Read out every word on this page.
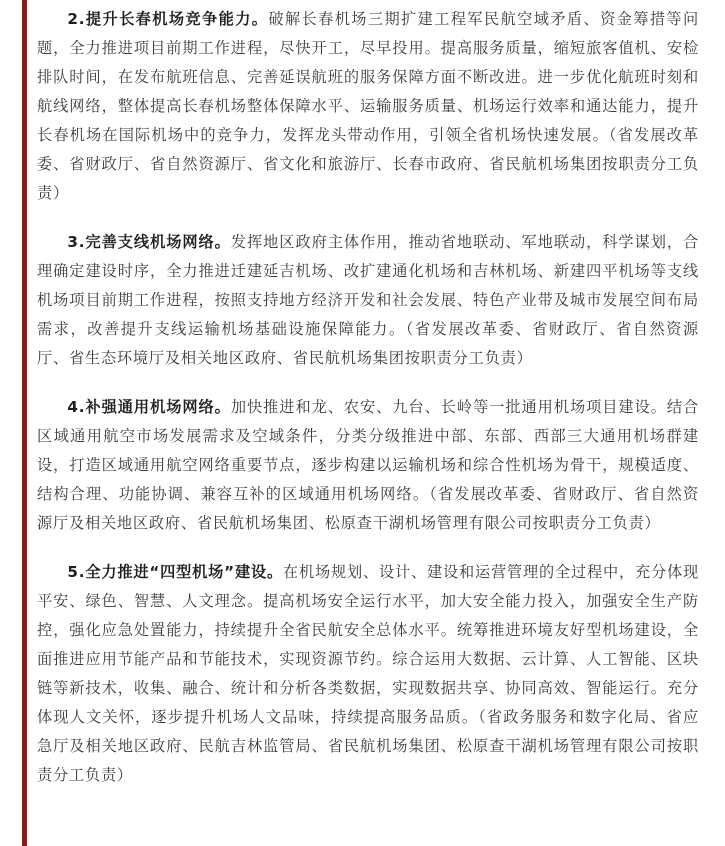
2.提升长春机场竞争能力。破解长春机场三期扩建工程军民航空域矛盾、资金筹措等问题，全力推进项目前期工作进程，尽快开工，尽早投用。提高服务质量，缩短旅客值机、安检排队时间，在发布航班信息、完善延误航班的服务保障方面不断改进。进一步优化航班时刻和航线网络，整体提高长春机场整体保障水平、运输服务质量、机场运行效率和通达能力，提升长春机场在国际机场中的竞争力，发挥龙头带动作用，引领全省机场快速发展。（省发展改革委、省财政厅、省自然资源厅、省文化和旅游厅、长春市政府、省民航机场集团按职责分工负责）

3.完善支线机场网络。发挥地区政府主体作用，推动省地联动、军地联动，科学谋划，合理确定建设时序，全力推进迁建延吉机场、改扩建通化机场和吉林机场、新建四平机场等支线机场项目前期工作进程，按照支持地方经济开发和社会发展、特色产业带及城市发展空间布局需求，改善提升支线运输机场基础设施保障能力。（省发展改革委、省财政厅、省自然资源厅、省生态环境厅及相关地区政府、省民航机场集团按职责分工负责）

4.补强通用机场网络。加快推进和龙、农安、九台、长岭等一批通用机场项目建设。结合区域通用航空市场发展需求及空域条件，分类分级推进中部、东部、西部三大通用机场群建设，打造区域通用航空网络重要节点，逐步构建以运输机场和综合性机场为骨干，规模适度、结构合理、功能协调、兼容互补的区域通用机场网络。（省发展改革委、省财政厅、省自然资源厅及相关地区政府、省民航机场集团、松原查干湖机场管理有限公司按职责分工负责）

5.全力推进“四型机场”建设。在机场规划、设计、建设和运营管理的全过程中，充分体现平安、绿色、智慧、人文理念。提高机场安全运行水平，加大安全能力投入，加强安全生产防控，强化应急处置能力，持续提升全省民航安全总体水平。统筹推进环境友好型机场建设，全面推进应用节能产品和节能技术，实现资源节约。综合运用大数据、云计算、人工智能、区块链等新技术，收集、融合、统计和分析各类数据，实现数据共享、协同高效、智能运行。充分体现人文关怀，逐步提升机场人文品味，持续提高服务品质。（省政务服务和数字化局、省应急厅及相关地区政府、民航吉林监管局、省民航机场集团、松原查干湖机场管理有限公司按职责分工负责）
